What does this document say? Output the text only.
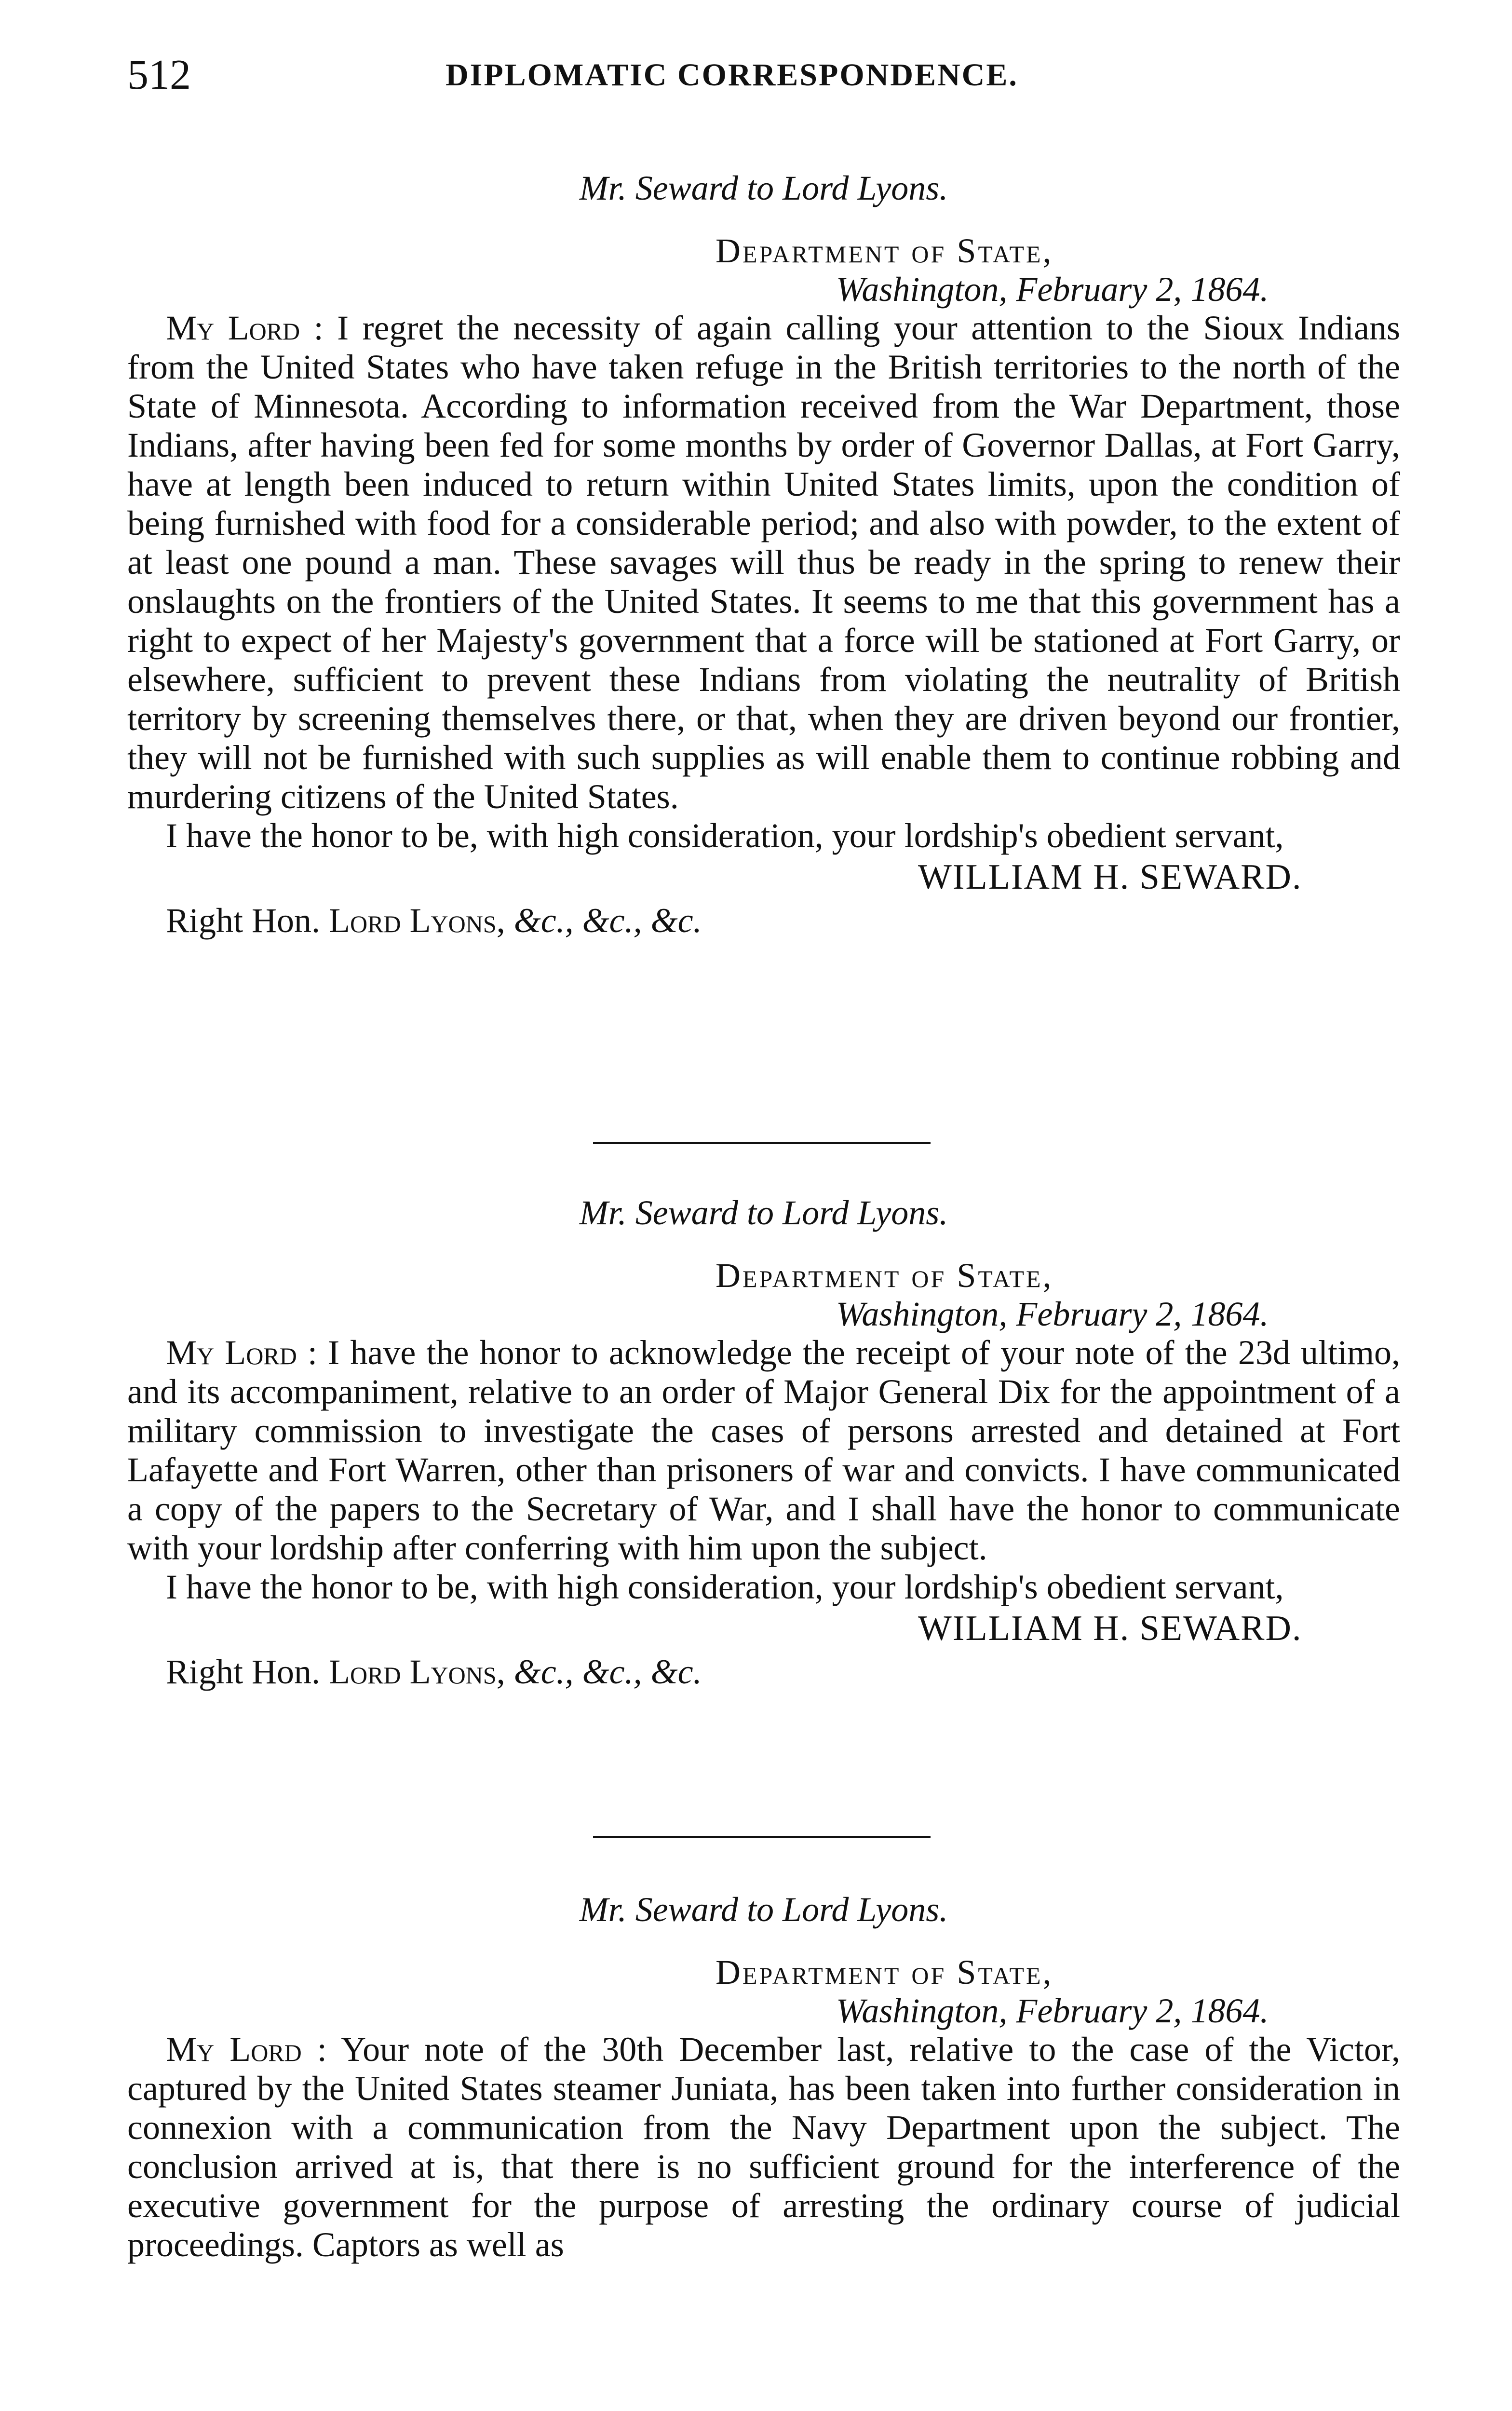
512	DIPLOMATIC CORRESPONDENCE.

Mr. Seward to Lord Lyons.

Department of State,
Washington, February 2, 1864.

My Lord : I regret the necessity of again calling your attention to the Sioux Indians from the United States who have taken refuge in the British territories to the north of the State of Minnesota. According to information received from the War Department, those Indians, after having been fed for some months by order of Governor Dallas, at Fort Garry, have at length been induced to return within United States limits, upon the condition of being furnished with food for a considerable period; and also with powder, to the extent of at least one pound a man. These savages will thus be ready in the spring to renew their onslaughts on the frontiers of the United States. It seems to me that this government has a right to expect of her Majesty's government that a force will be stationed at Fort Garry, or elsewhere, sufficient to prevent these Indians from violating the neutrality of British territory by screening themselves there, or that, when they are driven beyond our frontier, they will not be furnished with such supplies as will enable them to continue robbing and murdering citizens of the United States.

I have the honor to be, with high consideration, your lordship's obedient servant,

WILLIAM H. SEWARD.
Right Hon. Lord Lyons, &c., &c., &c.

Mr. Seward to Lord Lyons.

Department of State,
Washington, February 2, 1864.

My Lord : I have the honor to acknowledge the receipt of your note of the 23d ultimo, and its accompaniment, relative to an order of Major General Dix for the appointment of a military commission to investigate the cases of persons arrested and detained at Fort Lafayette and Fort Warren, other than prisoners of war and convicts. I have communicated a copy of the papers to the Secretary of War, and I shall have the honor to communicate with your lordship after conferring with him upon the subject.

I have the honor to be, with high consideration, your lordship's obedient servant,

WILLIAM H. SEWARD.
Right Hon. Lord Lyons, &c., &c., &c.

Mr. Seward to Lord Lyons.

Department of State,
Washington, February 2, 1864.

My Lord : Your note of the 30th December last, relative to the case of the Victor, captured by the United States steamer Juniata, has been taken into further consideration in connexion with a communication from the Navy Department upon the subject. The conclusion arrived at is, that there is no sufficient ground for the interference of the executive government for the purpose of arresting the ordinary course of judicial proceedings. Captors as well as
